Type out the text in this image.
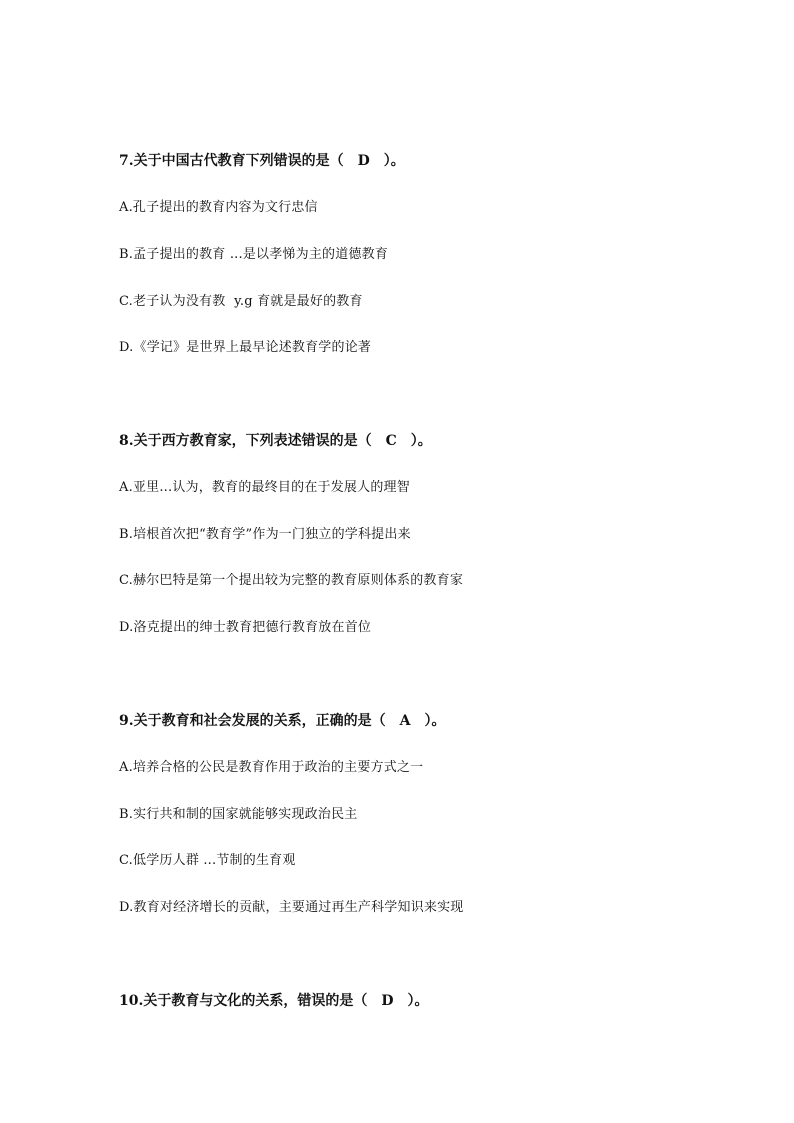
7.关于中国古代教育下列错误的是（ D ）。
A.孔子提出的教育内容为文行忠信
B.孟子提出的教育 ...是以孝悌为主的道德教育
C.老子认为没有教  y.g 育就是最好的教育
D.《学记》是世界上最早论述教育学的论著
8.关于西方教育家，下列表述错误的是（ C ）。
A.亚里...认为，教育的最终目的在于发展人的理智
B.培根首次把“教育学”作为一门独立的学科提出来
C.赫尔巴特是第一个提出较为完整的教育原则体系的教育家
D.洛克提出的绅士教育把德行教育放在首位
9.关于教育和社会发展的关系，正确的是（ A ）。
A.培养合格的公民是教育作用于政治的主要方式之一
B.实行共和制的国家就能够实现政治民主
C.低学历人群 ...节制的生育观
D.教育对经济增长的贡献，主要通过再生产科学知识来实现
10.关于教育与文化的关系，错误的是（ D ）。
